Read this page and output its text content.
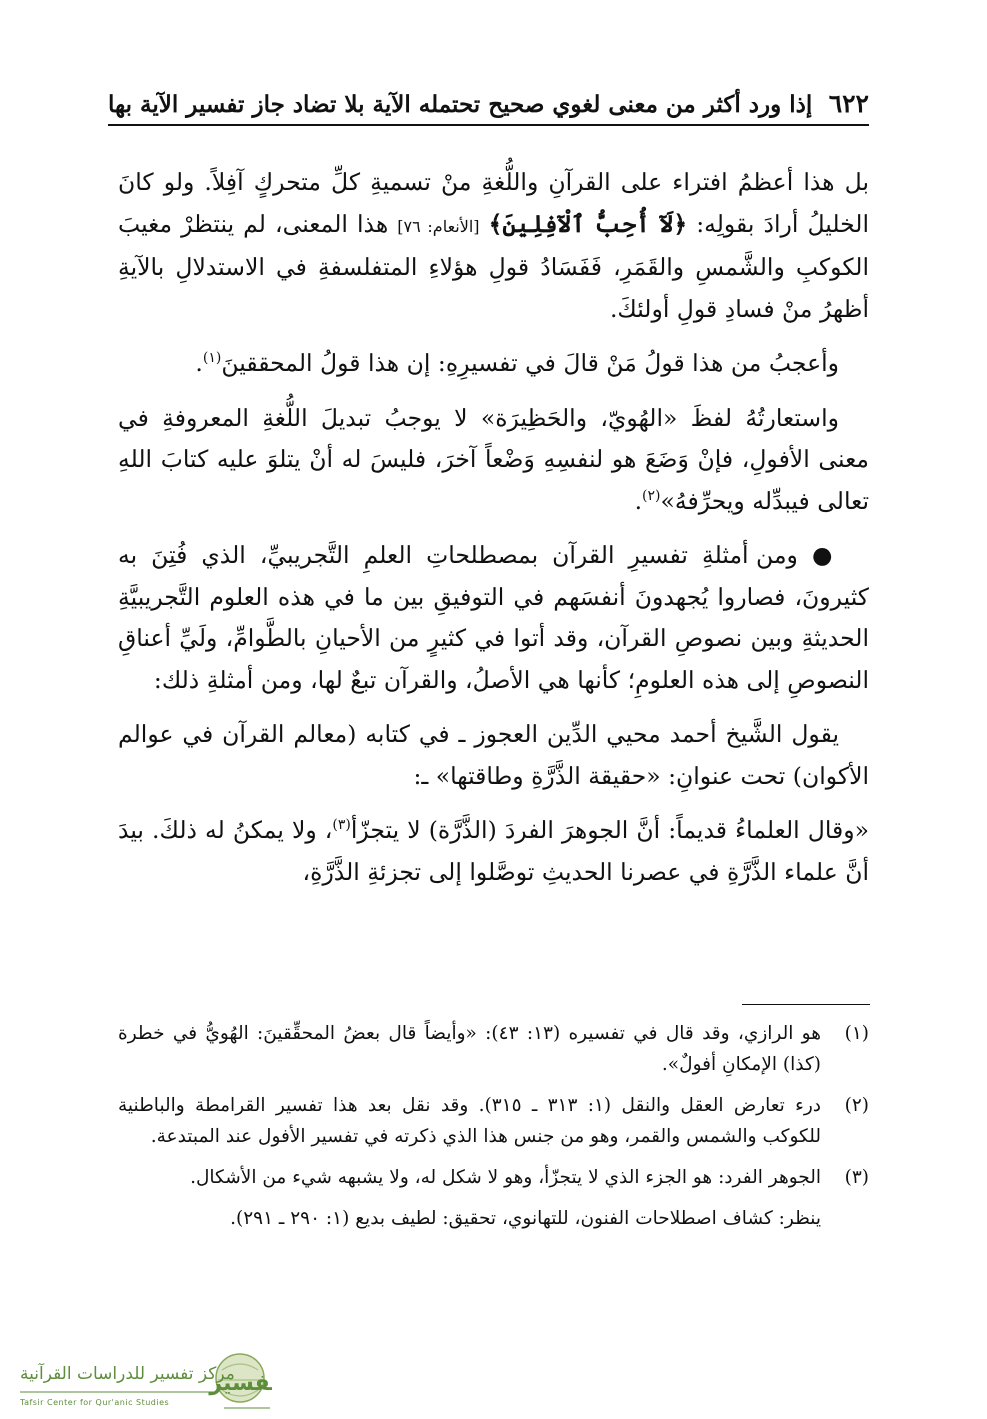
٦٢٢
إذا ورد أكثر من معنى لغوي صحيح تحتمله الآية بلا تضاد جاز تفسير الآية بها

بل هذا أعظمُ افتراء على القرآنِ واللُّغةِ منْ تسميةِ كلِّ متحركٍ آفِلاً. ولو كانَ الخليلُ أرادَ بقولِه: ﴿لَآ أُحِبُّ ٱلْآفِلِينَ﴾ [الأنعام: ٧٦] هذا المعنى، لم ينتظرْ مغيبَ الكوكبِ والشَّمسِ والقَمَرِ، فَفَسَادُ قولِ هؤلاءِ المتفلسفةِ في الاستدلالِ بالآيةِ أظهرُ منْ فسادِ قولِ أولئكَ.

وأعجبُ من هذا قولُ مَنْ قالَ في تفسيرِهِ: إن هذا قولُ المحققينَ$^{(١)}$.

واستعارتُهُ لفظَ «الهُويّ، والحَظِيرَة» لا يوجبُ تبديلَ اللُّغةِ المعروفةِ في معنى الأفولِ، فإنْ وَضَعَ هو لنفسِهِ وَضْعاً آخرَ، فليسَ له أنْ يتلوَ عليه كتابَ اللهِ تعالى فيبدِّله ويحرِّفهُ»$^{(٢)}$.

● ومن أمثلةِ تفسيرِ القرآن بمصطلحاتِ العلمِ التَّجريبيِّ، الذي فُتِنَ به كثيرونَ، فصاروا يُجهدونَ أنفسَهم في التوفيقِ بين ما في هذه العلوم التَّجريبيَّةِ الحديثةِ وبين نصوصِ القرآن، وقد أتوا في كثيرٍ من الأحيانِ بالطَّوامِّ، ولَيِّ أعناقِ النصوصِ إلى هذه العلومِ؛ كأنها هي الأصلُ، والقرآن تبعٌ لها، ومن أمثلةِ ذلك:

يقول الشَّيخ أحمد محيي الدِّين العجوز ـ في كتابه (معالم القرآن في عوالم الأكوان) تحت عنوانِ: «حقيقة الذَّرَّةِ وطاقتها» ـ:

«وقال العلماءُ قديماً: أنَّ الجوهرَ الفردَ (الذَّرَّة) لا يتجزّأ$^{(٣)}$، ولا يمكنُ له ذلكَ. بيدَ أنَّ علماء الذَّرَّةِ في عصرنا الحديثِ توصَّلوا إلى تجزئةِ الذَّرَّةِ،

(١)
هو الرازي، وقد قال في تفسيره (١٣: ٤٣): «وأيضاً قال بعضُ المحقِّقينَ: الهُويُّ في خطرة (كذا) الإمكانِ أفولٌ».
(٢)
درء تعارض العقل والنقل (١: ٣١٣ ـ ٣١٥). وقد نقل بعد هذا تفسير القرامطة والباطنية للكوكب والشمس والقمر، وهو من جنس هذا الذي ذكرته في تفسير الأفول عند المبتدعة.
(٣)
الجوهر الفرد: هو الجزء الذي لا يتجزّأ، وهو لا شكل له، ولا يشبهه شيء من الأشكال.
ينظر: كشاف اصطلاحات الفنون، للتهانوي، تحقيق: لطيف بديع (١: ٢٩٠ ـ ٢٩١).
تفسير
مركز تفسير للدراسات القرآنية
Tafsir Center for Qur'anic Studies
